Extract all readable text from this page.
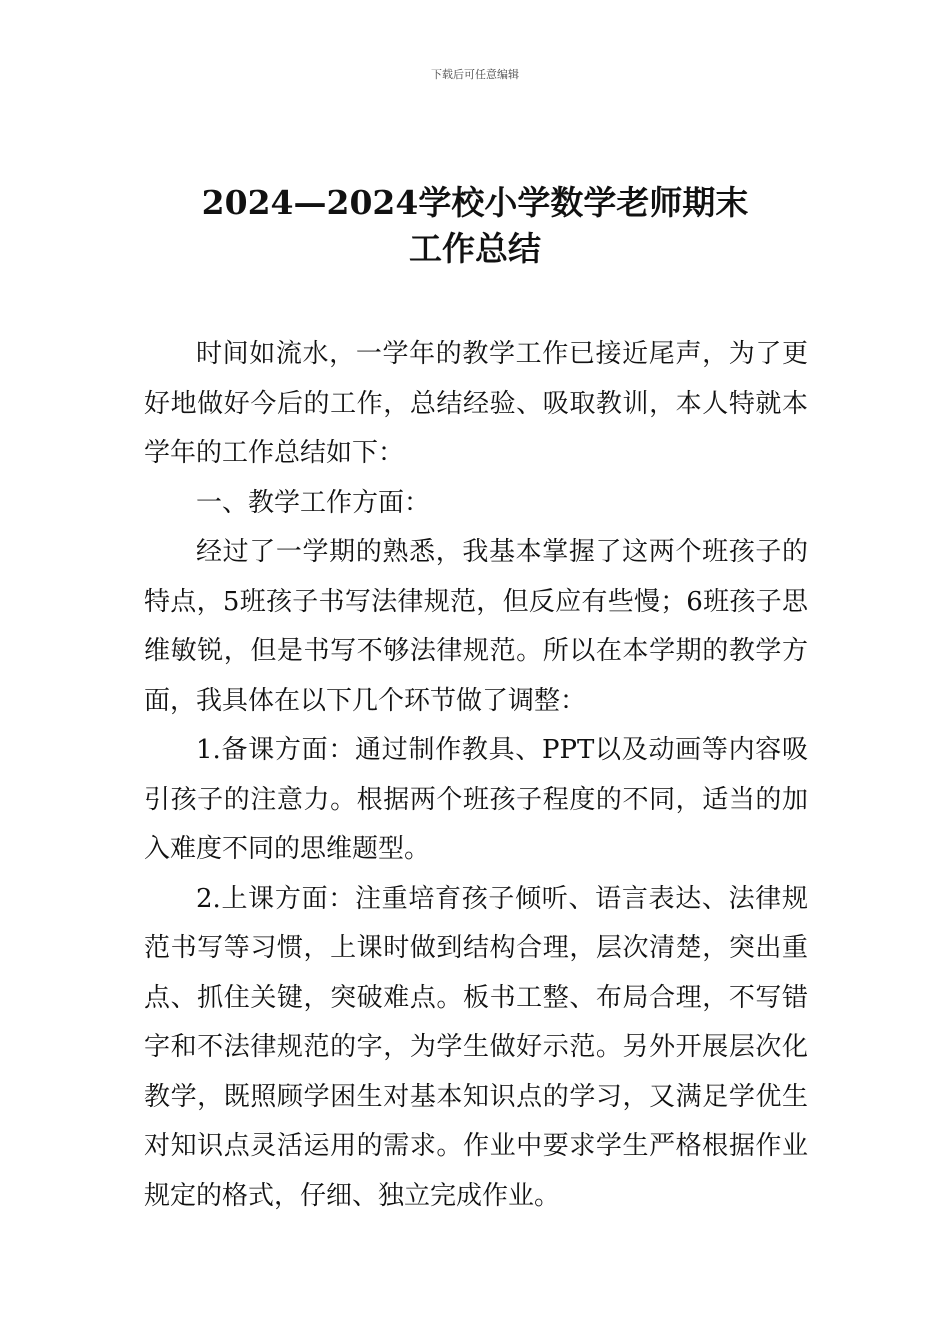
下载后可任意编辑
2024—2024学校小学数学老师期末
工作总结

时间如流水，一学年的教学工作已接近尾声，为了更好地做好今后的工作，总结经验、吸取教训，本人特就本学年的工作总结如下：

一、教学工作方面：

经过了一学期的熟悉，我基本掌握了这两个班孩子的特点，5班孩子书写法律规范，但反应有些慢；6班孩子思维敏锐，但是书写不够法律规范。所以在本学期的教学方面，我具体在以下几个环节做了调整：

1.备课方面：通过制作教具、PPT以及动画等内容吸引孩子的注意力。根据两个班孩子程度的不同，适当的加入难度不同的思维题型。

2.上课方面：注重培育孩子倾听、语言表达、法律规范书写等习惯，上课时做到结构合理，层次清楚，突出重点、抓住关键，突破难点。板书工整、布局合理，不写错字和不法律规范的字，为学生做好示范。另外开展层次化教学，既照顾学困生对基本知识点的学习，又满足学优生对知识点灵活运用的需求。作业中要求学生严格根据作业规定的格式，仔细、独立完成作业。
